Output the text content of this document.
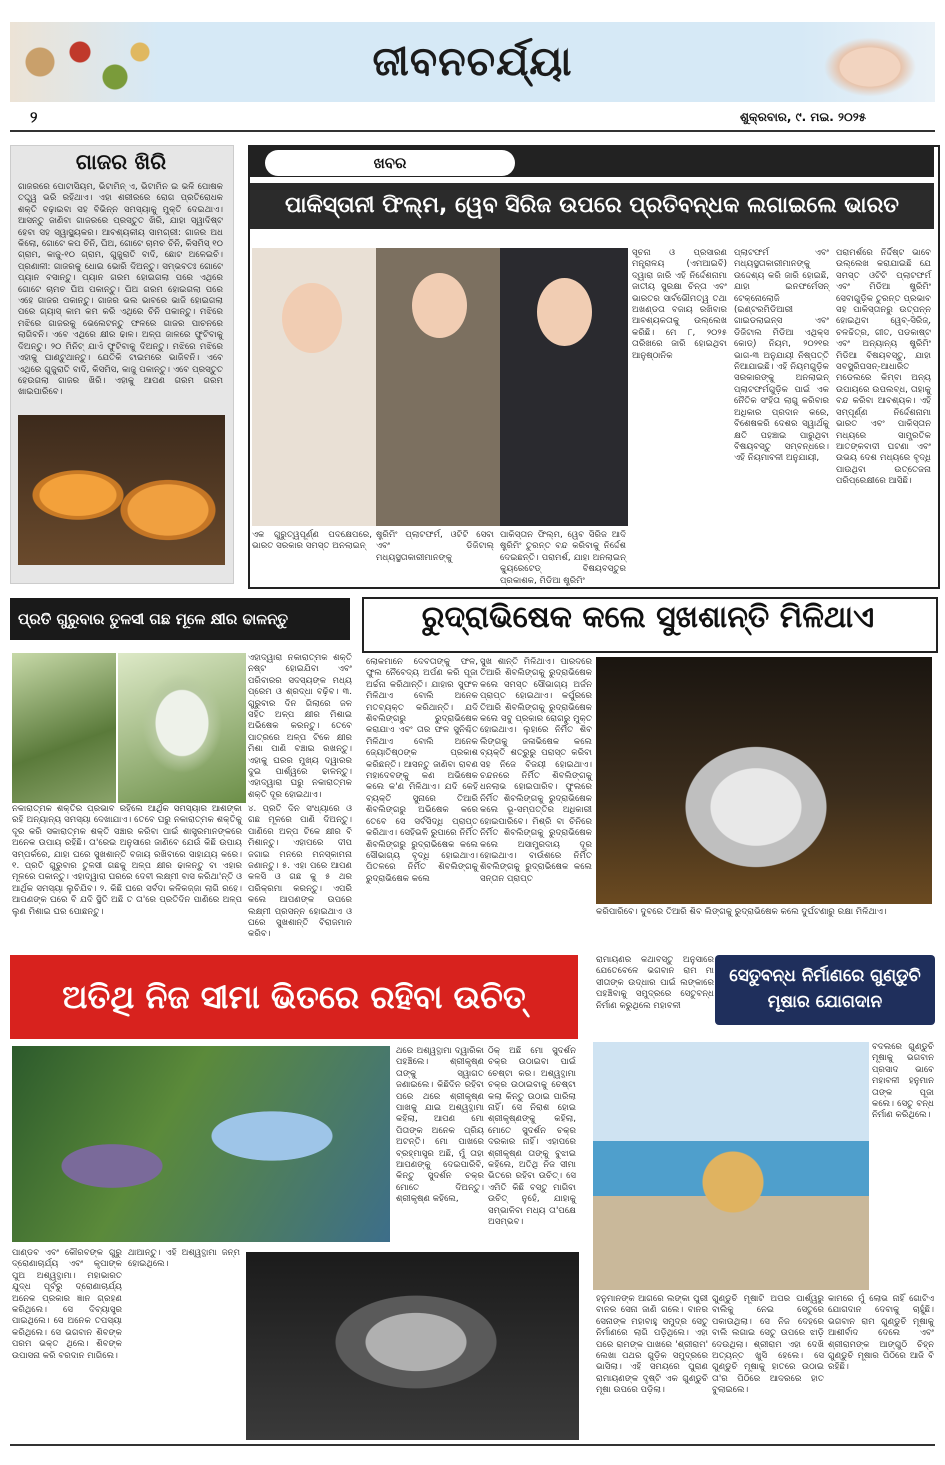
ଜୀବନଚର୍ଯ୍ୟା
୨	ଶୁକ୍ରବାର, ୯. ମଇ. ୨୦୨୫
ଗାଜର ଖିରି
ଗାଜରରେ ପୋଟାସିୟମ, ଭିଟାମିନ୍ ଏ, ଭିଟାମିନ ଇ ଭଳି ପୋଷକ ତତ୍ତ୍ୱ ଭରି ରହିଥାଏ। ଏହା ଶରୀରରେ ରୋଗ ପ୍ରତିରୋଧକ ଶକ୍ତି ବଢ଼ାଇବା ସହ ବିଭିନ୍ନ ସମସ୍ୟାକୁ ମୁକ୍ତି ଦେଇଥାଏ। ଆସନ୍ତୁ ଜାଣିବା ଗାଜରରେ ପ୍ରସ୍ତୁତ ଖିରି, ଯାହା ସ୍ୱାଦିଷ୍ଟ ହେବା ସହ ସ୍ୱାସ୍ଥ୍ୟକର। ଆବଶ୍ୟକୀୟ ସାମଗ୍ରୀ: ଗାଜର ଅଧ କିଲୋ, ଗୋଟେ କପ ଚିନି, ଘିଅ, ଗୋଟେ ଚାମଚ ଚିନି, କିସମିସ୍ ୧୦ ଗ୍ରାମ, କାଜୁ-୧୦ ଗ୍ରାମ, ଗୁଜୁରାତି ବାଦି, ଛୋଟ ଅଳେଇଚି। ପ୍ରଣାଳୀ: ଗାଜରକୁ ଧୋଇ ଭୋରି ଦିଅନ୍ତୁ। ସମ୍ଭବତଃ ଗୋଟେ ପ୍ୟାନ ବସାନ୍ତୁ। ପ୍ୟାନ ଗରମ ହୋଇଗଲା ପରେ ଏଥିରେ ଗୋଟେ ଚାମଚ ଘିଅ ପକାନ୍ତୁ। ଘିଅ ଗରମ ହୋଇଗଲା ପରେ ଏହେ ଗାଜର ପକାନ୍ତୁ। ଗାଜର ଭଲ ଭାବରେ ଭାଜି ହୋଇଗଲା ପରେ ଗ୍ୟାସ୍ କାମ କମ କରି ଏଥିରେ ଚିନି ପକାନ୍ତୁ। ମଝିରେ ମଝିରେ ଗାଜରକୁ ଭେଲେଟନ୍ତୁ ଫଳରେ ଗାଜର ପାଚନରେ ଲାଗିବନି। ଏବେ ଏଥିରେ କ୍ଷୀର ଢାଳ। ଅଳ୍ପ ଜାଳରେ ଫୁଟିବାକୁ ଦିଅନ୍ତୁ। ୨୦ ମିନିଟ୍ ଯାଏଁ ଫୁଟିବାକୁ ଦିଅନ୍ତୁ। ମଝିରେ ମଝିରେ ଏହାକୁ ଘାଣ୍ଟୁଥାନ୍ତୁ। ଯେତିକି ଟାଇମରେ ଭାଜିବନି। ଏବେ ଏଥିରେ ଗୁଜୁରାତି ବାଦି, କିସମିସ, କାଜୁ ପକାନ୍ତୁ। ଏବେ ପ୍ରସ୍ତୁତ ହେଉଗଲା ଗାଜର ଖିରି। ଏହାକୁ ଆପଣ ଗରମ ଗରମ ଖାଇପାରିବେ।
ଖବର
ପାକିସ୍ତାନୀ ଫିଲ୍ମ, ୱେବ ସିରିଜ ଉପରେ ପ୍ରତିବନ୍ଧକ ଲଗାଇଲେ ଭାରତ
ସୂଚନା ଓ ପ୍ରସାରଣ ମନ୍ତ୍ରାଳୟ (ଏମଆଇବି) ଦ୍ୱାରା ଜାରି ଏହି ନିର୍ଦ୍ଦେଶନାମା ଜାତୀୟ ସୁରକ୍ଷା ଚିନ୍ତା ଏବଂ ଭାରତର ସାର୍ବଭୌମତ୍ୱ ତଥା ଅଖଣ୍ଡତା ବଜାୟ ରଖିବାର ଆବଶ୍ୟକତାକୁ ଉଲ୍ଲେଖ କରିଛି। ମେ ୮, ୨୦୨୫ ତାରିଖରେ ଜାରି ହୋଇଥିବା ଆନୁଷ୍ଠାନିକ
ପ୍ଲାଟଫର୍ମ ଏବଂ ମଧ୍ୟସ୍ଥତାକାରୀମାନଙ୍କୁ ଉଦ୍ଦେଶ୍ୟ କରି ଜାରି ହୋଇଛି, ଯାହା ଇନଫର୍ମେସନ୍ ଟେକ୍ନୋଲୋଜି (ଇଣ୍ଟରମିଡିଆରୀ ଗାଇଡଲାଇନ୍ସ ଏବଂ ଡିଜିଟାଲ ମିଡିଆ ଏଥିକ୍ସ କୋଡ୍) ନିୟମ, ୨୦୨୧ର ଭାଗ-୩ ଅନୁଯାୟୀ ନିଷ୍ପତ୍ତି ନିଆଯାଇଛି। ଏହି ନିୟମଗୁଡ଼ିକ ସରକାରଙ୍କୁ ଅନଲାଇନ୍ ପ୍ଲାଟଫର୍ମଗୁଡ଼ିକ ପାଇଁ ଏକ ନୈତିକ ସଂହିତା ଲାଗୁ କରିବାର ଅଧିକାର ପ୍ରଦାନ କରେ, ବିଶେଷକରି ଦେଶର ସ୍ୱାର୍ଥକୁ କ୍ଷତି ପହଞ୍ଚାଇ ପାରୁଥିବା ବିଷୟବସ୍ତୁ ସମ୍ବନ୍ଧରେ। ଏହି ନିୟମାବଳୀ ଅନୁଯାୟୀ,
ପରାମର୍ଶରେ ନିର୍ଦ୍ଦିଷ୍ଟ ଭାବେ ଉଲ୍ଲେଖ କରାଯାଇଛି ଯେ ସମସ୍ତ ଓଟିଟି ପ୍ଲାଟଫର୍ମ ଏବଂ ମିଡିଆ ଷ୍ଟ୍ରିମିଂ ସେବାଗୁଡ଼ିକ ତୁରନ୍ତ ପ୍ରଭାବ ସହ ପାକିସ୍ତାନରୁ ଉତ୍ପନ୍ନ ହୋଇଥିବା ୱେବ୍-ସିରିଜ୍, ଚଳଚ୍ଚିତ୍ର, ଗୀତ, ପଡକାଷ୍ଟ ଏବଂ ଅନ୍ୟାନ୍ୟ ଷ୍ଟ୍ରିମିଂ ମିଡିଆ ବିଷୟବସ୍ତୁ, ଯାହା ସବସ୍କ୍ରିପସନ୍-ଆଧାରିତ ମଡେଲରେ କିମ୍ବା ଅନ୍ୟ ଉପାୟରେ ଉପଲବ୍ଧ, ତାହାକୁ ବନ୍ଦ କରିବା ଆବଶ୍ୟକ। ଏହି ସମ୍ପୂର୍ଣ୍ଣ ନିର୍ଦ୍ଦେଶନାମା ଭାରତ ଏବଂ ପାକିସ୍ତାନ ମଧ୍ୟରେ ସାମ୍ପ୍ରତିକ ଆତଙ୍କବାଦୀ ଘଟଣା ଏବଂ ଉଭୟ ଦେଶ ମଧ୍ୟରେ ବୃଦ୍ଧି ପାଉଥିବା ଉତ୍ତେଜନା ପରିପ୍ରେକ୍ଷୀରେ ଆସିଛି।
ଏକ ଗୁରୁତ୍ୱପୂର୍ଣ୍ଣ ପଦକ୍ଷେପରେ, ଭାରତ ସରକାର ସମସ୍ତ ଅନଲାଇନ୍
ଷ୍ଟ୍ରିମିଂ ପ୍ଲାଟଫର୍ମ, ଓଟିଟି ସେବା ଏବଂ ଡିଜିଟାଲ୍ ମଧ୍ୟସ୍ଥତାକାରୀମାନଙ୍କୁ
ପାକିସ୍ତାନ ଫିଲ୍ମ, ୱେବ ସିରିଜ ଆଦି ଷ୍ଟ୍ରିମିଂ ତୁରନ୍ତ ବନ୍ଦ କରିବାକୁ ନିର୍ଦ୍ଦେଶ ଦେଇଛନ୍ତି। ପରାମର୍ଶ, ଯାହା ଅନଲାଇନ୍ କ୍ୟୁରେଟେଡ୍ ବିଷୟବସ୍ତୁର ପ୍ରକାଶକ, ମିଡିଆ ଷ୍ଟ୍ରିମିଂ
ପ୍ରତି ଗୁରୁବାର ତୁଳସୀ ଗଛ ମୂଳେ କ୍ଷୀର ଢାଳନ୍ତୁ
ଏହାଦ୍ୱାରା ନକାରାତ୍ମକ ଶକ୍ତି ନଷ୍ଟ ହୋଇଯିବା ଏବଂ ପରିବାରର ସଦସ୍ୟଙ୍କ ମଧ୍ୟ ପ୍ରେମ ଓ ଶ୍ରଦ୍ଧା ବଢ଼ିବ। ୩. ଗୁରୁବାର ଦିନ ଗିଲାରେ ଜଳ ସହିତ ଅଳ୍ପ କ୍ଷୀର ମିଶାଇ ଅଭିଷେକ କରନ୍ତୁ। ତେବେ ପାତ୍ରରେ ଅଳ୍ପ ଟିକେ କ୍ଷୀର ମିଶା ପାଣି ବଞ୍ଚାଇ ରଖନ୍ତୁ। ଏହାକୁ ଘରର ମୁଖ୍ୟ ଦ୍ୱାରର ଦୁଇ ପାର୍ଶ୍ୱରେ ଢାଳନ୍ତୁ। ଏହାଦ୍ୱାରା ଘରୁ ନକାରାତ୍ମକ ଶକ୍ତି ଦୂର ହୋଇଥାଏ।
ନକାରାତ୍ମକ ଶକ୍ତିର ପ୍ରଭାବ ରହିଲେ ଆର୍ଥିକ ସମସ୍ୟାର ଆଶଙ୍କା ରହି ଅନ୍ୟାନ୍ୟ ସମସ୍ୟା ଦେଖାଯାଏ। ତେବେ ଘରୁ ନକାରାତ୍ମକ ଶକ୍ତିକୁ ଦୂର କରି ସକାରାତ୍ମକ ଶକ୍ତି ସଞ୍ଚାର କରିବା ପାଇଁ ଶାସ୍ତ୍ରମାନଙ୍କରେ ଅନେକ ଉପାୟ ରହିଛି। ତା'ରେଇ ଅନୁସାରେ ଜାଣିବେ ଯେଉଁ କିଛି ଉପାୟ ସମ୍ପର୍କରେ, ଯାହା ଘରେ ସୁଖଶାନ୍ତି ବଜାୟ ରଖିବାରେ ସାହାଯ୍ୟ କରେ। ୧. ପ୍ରତି ଗୁରୁବାର ତୁଳସୀ ଗଛକୁ ଅଳ୍ପ କ୍ଷୀର ଢାଳନ୍ତୁ ବା ଏହାର ମୂଳରେ ପକାନ୍ତୁ। ଏହାଦ୍ୱାରା ଘରରେ ଦେବୀ ଲକ୍ଷ୍ମୀ ବାସ କରିଥା'ନ୍ତି ଓ ଆର୍ଥିକ ସମସ୍ୟା ଲୁଚିଯିବ। ୨. କିଛି ଘରେ ସର୍ବଦା କଳିକଜ୍ଜା ଲାଗି ରହେ। ଆପଣଙ୍କ ଘରେ ବି ଯଦି ସ୍ଥିତି ଅଛି ତ ତା'ରେ ପ୍ରତିଦିନ ପାଣିରେ ଅଳ୍ପ ଲୁଣ ମିଶାଇ ଘର ପୋଛନ୍ତୁ।
୪. ପ୍ରତି ଦିନ ସଂଧ୍ୟାରେ ଓ ଗଛ ମୂଳରେ ପାଣି ଦିଅନ୍ତୁ। ପାଣିରେ ଅଳ୍ପ ଟିକେ କ୍ଷୀର ବି ମିଶାନ୍ତୁ। ଏହାପରେ ଦୀପ ଜଗାଇ ମନରେ ମନସ୍କାମନା ଜଣାନ୍ତୁ। ୫. ଏହା ପରେ ଆପଣ କଳସି ଓ ଗଛ କୁ ୫ ଥର ପରିକ୍ରମା କରନ୍ତୁ। ଏପରି କଲେ ଆପଣଙ୍କ ଉପରେ ଲକ୍ଷ୍ମୀ ପ୍ରସନ୍ନ ହୋଇଥାଏ ଓ ଘରେ ସୁଖଶାନ୍ତି ବିରାଜମାନ କରିବ।
ରୁଦ୍ରାଭିଷେକ କଲେ ସୁଖଶାନ୍ତି ମିଳିଥାଏ
ଲୋକମାନେ ଦେବତାଙ୍କୁ ଫଳ, ଫୁଲ ନୈବେଦ୍ୟ ଅର୍ପଣ କରି ପୂଜା ଅର୍ଚ୍ଚନା କରିଥାନ୍ତି। ଯାହାର ସୁଫଳ ମିଳିଥାଏ ବୋଲି ଅନେକ ମତବ୍ୟକ୍ତ କରିଥାନ୍ତି। ଯଦି ଶିବଲିଙ୍ଗରୁ ରୁଦ୍ରାଭିଷେକ କରାଯାଏ ଏବଂ ତାର ଫଳ ସୁନିଶ୍ଚିତ ମିଳିଥାଏ ବୋଲି ଅନେକ ଜ୍ୟୋତିଷ୍ଠଙ୍କ ପ୍ରକାଶ କରିଛନ୍ତି। ଆସନ୍ତୁ ଜାଣିବା ରାବଣ ମହାଦେବଙ୍କୁ କଣ ଅଭିଷେକ କଲେ କ'ଣ ମିଳିଥାଏ। ଯଦି କେହି ବ୍ୟକ୍ତି ସୁନାରେ ତିଆରି ଶିବଲିଙ୍ଗରୁ ଅଭିଷେକ କରେ ତେବେ ସେ ସର୍ବସିଦ୍ଧି ପ୍ରାପ୍ତ କରିଥାଏ। ସେହିଭଳି ରୁପାରେ ନିର୍ମିତ ଶିବଲିଙ୍ଗରୁ ରୁଦ୍ରାଭିଷେକ କଲେ ସୌଭାଗ୍ୟ ବୃଦ୍ଧି ହୋଇଥାଏ। ପିତଳରେ ନିର୍ମିତ ଶିବଲିଙ୍ଗକୁ ରୁଦ୍ରାଭିଷେକ କଲେ
ସୁଖ ଶାନ୍ତି ମିଳିଥାଏ। ପାରଦରେ ତିଆରି ଶିବଲିଙ୍ଗକୁ ରୁଦ୍ରାଭିଷେକ କଲେ ସମସ୍ତ ସୌଭାଗ୍ୟ ଅର୍ଜନ ପ୍ରାପ୍ତ ହୋଇଥାଏ। କର୍ପୁରରେ ତିଆରି ଶିବଲିଙ୍ଗକୁ ରୁଦ୍ରାଭିଷେକ କଲେ ସବୁ ପ୍ରକାର ରୋଗରୁ ମୁକ୍ତ ହୋଇଥାଏ। ଲୁହାରେ ନିର୍ମିତ ଶିବ ଲିଙ୍ଗକୁ ଜଳାଭିଷେକ କଲେ ବ୍ୟକ୍ତି ଶତ୍ରୁରୁ ପରାସ୍ତ କରିବା ସହ ନିଜେ ବିଜୟୀ ହୋଇଥାଏ। ଚନ୍ଦନରେ ନିର୍ମିତ ଶିବଲିଙ୍ଗକୁ ଧନଲାଭ ହୋଇପାରିବ। ଫୁଲରେ ନିର୍ମିତ ଶିବଲିଙ୍ଗକୁ ରୁଦ୍ରାଭିଷେକ କଲେ ଭୂ-ସମ୍ପତ୍ତିର ଅଧିକାରୀ ହୋଇପାରିବେ। ମିଶ୍ରି ବା ଚିନିରେ ନିର୍ମିତ ଶିବଲିଙ୍ଗକୁ ରୁଦ୍ରାଭିଷେକ କଲେ ଅସାମ୍ପ୍ରଦାୟ ଦୂର ହୋଇଥାଏ। ବାଉଁଶରେ ନିର୍ମିତ ଶିବଲିଙ୍ଗକୁ ରୁଦ୍ରାଭିଷେକ କଲେ ସନ୍ତାନ ପ୍ରାପ୍ତ
କରିପାରିବେ। ଦୁବରେ ତିଆରି ଶିବ ଲିଙ୍ଗକୁ ରୁଦ୍ରାଭିଷେକ କଲେ ଦୁର୍ଘଟଣାରୁ ରକ୍ଷା ମିଳିଥାଏ।
ଅତିଥି ନିଜ ସୀମା ଭିତରେ ରହିବା ଉଚିତ୍
ଥରେ ଅଶ୍ୱତ୍ଥାମା ଦ୍ୱାରିକା ପହଞ୍ଚିଲେ। ଶ୍ରୀକୃଷ୍ଣ ତାଙ୍କୁ ସ୍ୱାଗତ ଜଣାଇଲେ। କିଛିଦିନ ରହିବା ପରେ ଥରେ ଶ୍ରୀକୃଷ୍ଣ ପାଖକୁ ଯାଇ ଅଶ୍ୱତ୍ଥାମା କହିଲା, ଆପଣ ମୋ ପିତାଙ୍କ ଅନେକ ପ୍ରିୟ ଅଟନ୍ତି। ମୋ ପାଖରେ ବ୍ରହ୍ମାସ୍ତ୍ର ଅଛି, ମୁଁ ତାହା ଆପଣଙ୍କୁ ଦେଇପାରିବି, କିନ୍ତୁ ସୁଦର୍ଶନ ଚକ୍ର ମୋତେ ଦିଅନ୍ତୁ। ଶ୍ରୀକୃଷ୍ଣ କହିଲେ,
ଠିକ୍ ଅଛି ମୋ ସୁଦର୍ଶନ ଚକ୍ର ଉଠାଇବା ପାଇଁ ଚେଷ୍ଟା କର। ଅଶ୍ୱତ୍ଥାମା ଚକ୍ର ଉଠାଇବାକୁ ଚେଷ୍ଟା କଲା କିନ୍ତୁ ଉଠାଇ ପାରିଲା ନାହିଁ। ସେ ନିରାଶ ହୋଇ ଶ୍ରୀକୃଷ୍ଣଙ୍କୁ କହିଲା, ମୋତେ ସୁଦର୍ଶନ ଚକ୍ର ଦରକାର ନାହିଁ। ଏହାପରେ ଶ୍ରୀକୃଷ୍ଣ ତାଙ୍କୁ ବୁଝାଇ କହିଲେ, ଅତିଥି ନିଜ ସୀମା ଭିତରେ ରହିବା ଉଚିତ୍। ସେ ଏମିତି କିଛି ବସ୍ତୁ ମାଗିବା ଉଚିତ୍ ନୁହେଁ, ଯାହାକୁ ସମ୍ଭାଳିବା ମଧ୍ୟ ତା'ପକ୍ଷେ ଅସମ୍ଭବ।
ପାଣ୍ଡବ ଏବଂ କୌରବଙ୍କ ଗୁରୁ ଦ୍ରୋଣାଚାର୍ଯ୍ୟ ଏବଂ କୃପାଙ୍କ ପୁଅ ଅଶ୍ୱତ୍ଥାମା। ମହାଭାରତ ଯୁଦ୍ଧ ପୂର୍ବରୁ ଦ୍ରୋଣାଚାର୍ଯ୍ୟ ଅନେକ ପ୍ରକାର ଜ୍ଞାନ ଗ୍ରହଣ କରିଥିଲେ। ସେ ଦିବ୍ୟାସ୍ତ୍ର ପାଇଥିଲେ। ସେ ଅନେକ ତପସ୍ୟା କରିଥିଲେ। ସେ ଭଗବାନ ଶିବଙ୍କ ପରମ ଭକ୍ତ ଥିଲେ। ଶିବଙ୍କ ଉପାସନା କରି ବରଦାନ ମାଗିଲେ।
ଥାଆନ୍ତୁ। ଏହି ଅଶ୍ୱତ୍ଥାମା ଜନ୍ମ ହୋଇଥିଲେ।
ରାମାୟଣର କଥାବସ୍ତୁ ଅନୁସାରେ ଯେତେବେଳେ ଭଗବାନ ରାମ ମା ସୀତାଙ୍କ ଉଦ୍ଧାର ପାଇଁ ଲଙ୍କାରେ ପହଞ୍ଚିବାକୁ ସମୁଦ୍ରରେ ସେତୁବନ୍ଧ ନିର୍ମାଣ କରୁଥିଲେ ମହାବଳୀ
ସେତୁବନ୍ଧ ନିର୍ମାଣରେ ଗୁଣ୍ଡୁଚି ମୂଷାର ଯୋଗଦାନ
ବଦଲରେ ଗୁଣ୍ଡୁଚି ମୂଷାକୁ ଭଗବାନ ପ୍ରସାଦ ଭାବେ ମହାବଳୀ ହନୁମାନ ତାଙ୍କ ପୂଜା କଲେ। ସେତୁ ବନ୍ଧ ନିର୍ମାଣ କରିଥିଲେ।
ହନୁମାନଙ୍କ ଆଗରେ ଲଙ୍କା ପୁରୀ ବାନର ସେନା ଜାଣି ଗଲେ। ବାନର ସେନାଙ୍କ ମହାବାହୁ ସମୁଦ୍ର ସେତୁ ନିର୍ମାଣରେ ଲାଗି ପଡ଼ିଥିଲେ। ଏହା ପରେ ରାମଙ୍କ ପାଖରେ 'ଶ୍ରୀରାମ' ଲେଖା ପଥର ଗୁଡ଼ିକ ସମୁଦ୍ରରେ ଭାସିଲା। ଏହି ସମୟରେ ପୁରାଣ ରାମାୟଣଙ୍କ ଦୃଷ୍ଟି ଏକ ଗୁଣ୍ଡୁଚି ମୂଷା ଉପରେ ପଡ଼ିଲା।
ଗୁଣ୍ଡୁଚି ମୂଷାଟି ଅପର ପାର୍ଶ୍ୱରୁ ବାଲିକୁ ନେଇ ସେତୁରେ ପକାଉଥିଲା। ସେ ନିଜ ଦେହରେ ବାଲି ଲଗାଇ ସେତୁ ଉପରେ ଝାଡ଼ି ଦେଉଥିଲା। ଶ୍ରୀରାମ ଏହା ଦେଖି ଅତ୍ୟନ୍ତ ଖୁସି ହେଲେ। ସେ ଗୁଣ୍ଡୁଚି ମୂଷାକୁ ହାତରେ ଉଠାଇ ତା'ର ପିଠିରେ ଆଦରରେ ହାତ ବୁଲାଇଲେ।
କାମରେ ମୁଁ ଲୋଭ ନାହିଁ ଗୋଟିଏ ଯୋଗଦାନ ଦେବାକୁ ଚାହୁଁଛି। ଭଗବାନ ରାମ ଗୁଣ୍ଡୁଚି ମୂଷାକୁ ଆଶୀର୍ବାଦ ଦେଲେ ଏବଂ ଶ୍ରୀରାମଙ୍କ ଆଙ୍ଗୁଠି ଚିହ୍ନ ଗୁଣ୍ଡୁଚି ମୂଷାର ପିଠିରେ ଆଜି ବି ରହିଛି।
